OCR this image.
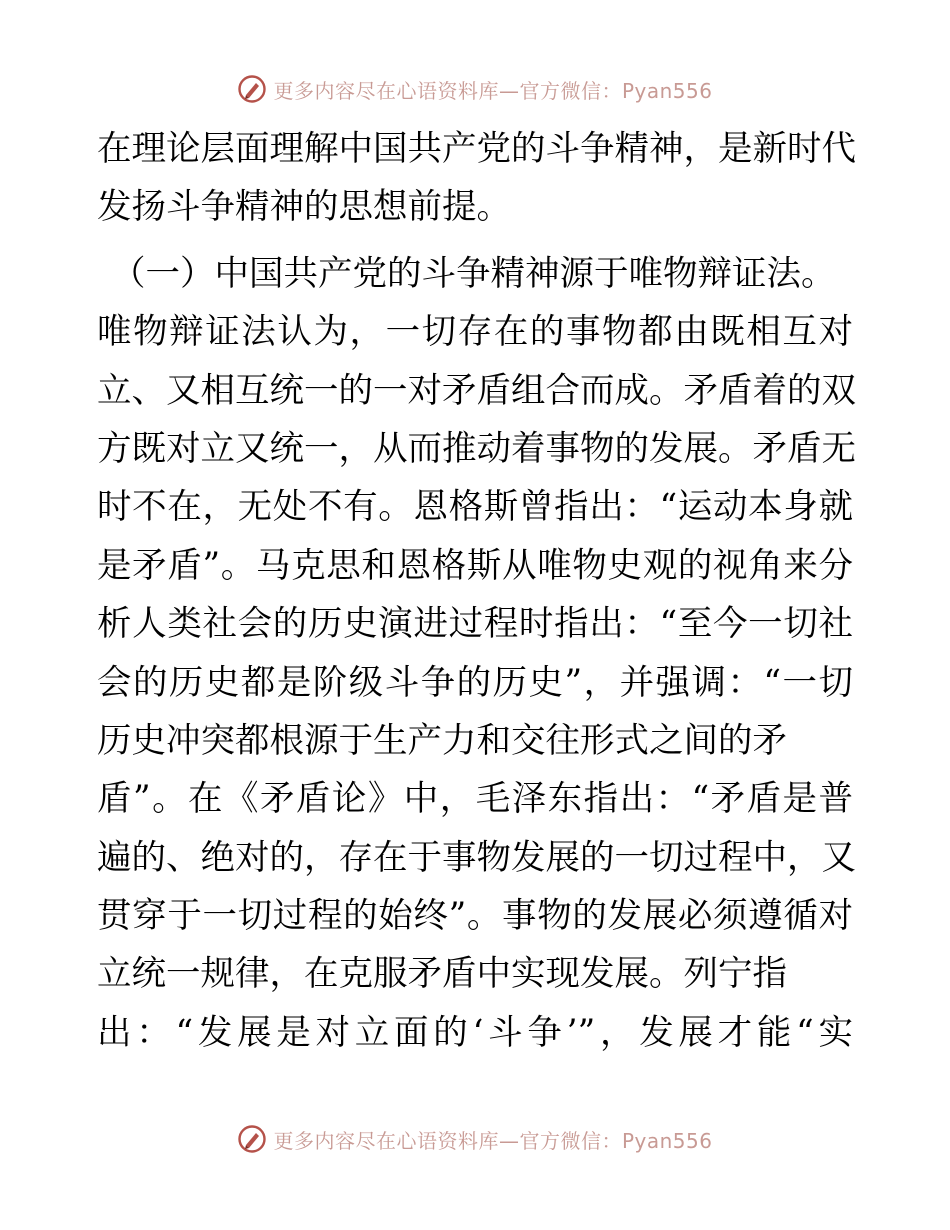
更多内容尽在心语资料库—官方微信：Pyan556
在理论层面理解中国共产党的斗争精神，是新时代
发扬斗争精神的思想前提。
（一）中国共产党的斗争精神源于唯物辩证法。
唯物辩证法认为，一切存在的事物都由既相互对
立、又相互统一的一对矛盾组合而成。矛盾着的双
方既对立又统一，从而推动着事物的发展。矛盾无
时不在，无处不有。恩格斯曾指出：“运动本身就
是矛盾”。马克思和恩格斯从唯物史观的视角来分
析人类社会的历史演进过程时指出：“至今一切社
会的历史都是阶级斗争的历史”，并强调：“一切
历史冲突都根源于生产力和交往形式之间的矛
盾”。在《矛盾论》中，毛泽东指出：“矛盾是普
遍的、绝对的，存在于事物发展的一切过程中，又
贯穿于一切过程的始终”。事物的发展必须遵循对
立统一规律，在克服矛盾中实现发展。列宁指
出：“发展是对立面的‘斗争’”，发展才能“实
更多内容尽在心语资料库—官方微信：Pyan556
